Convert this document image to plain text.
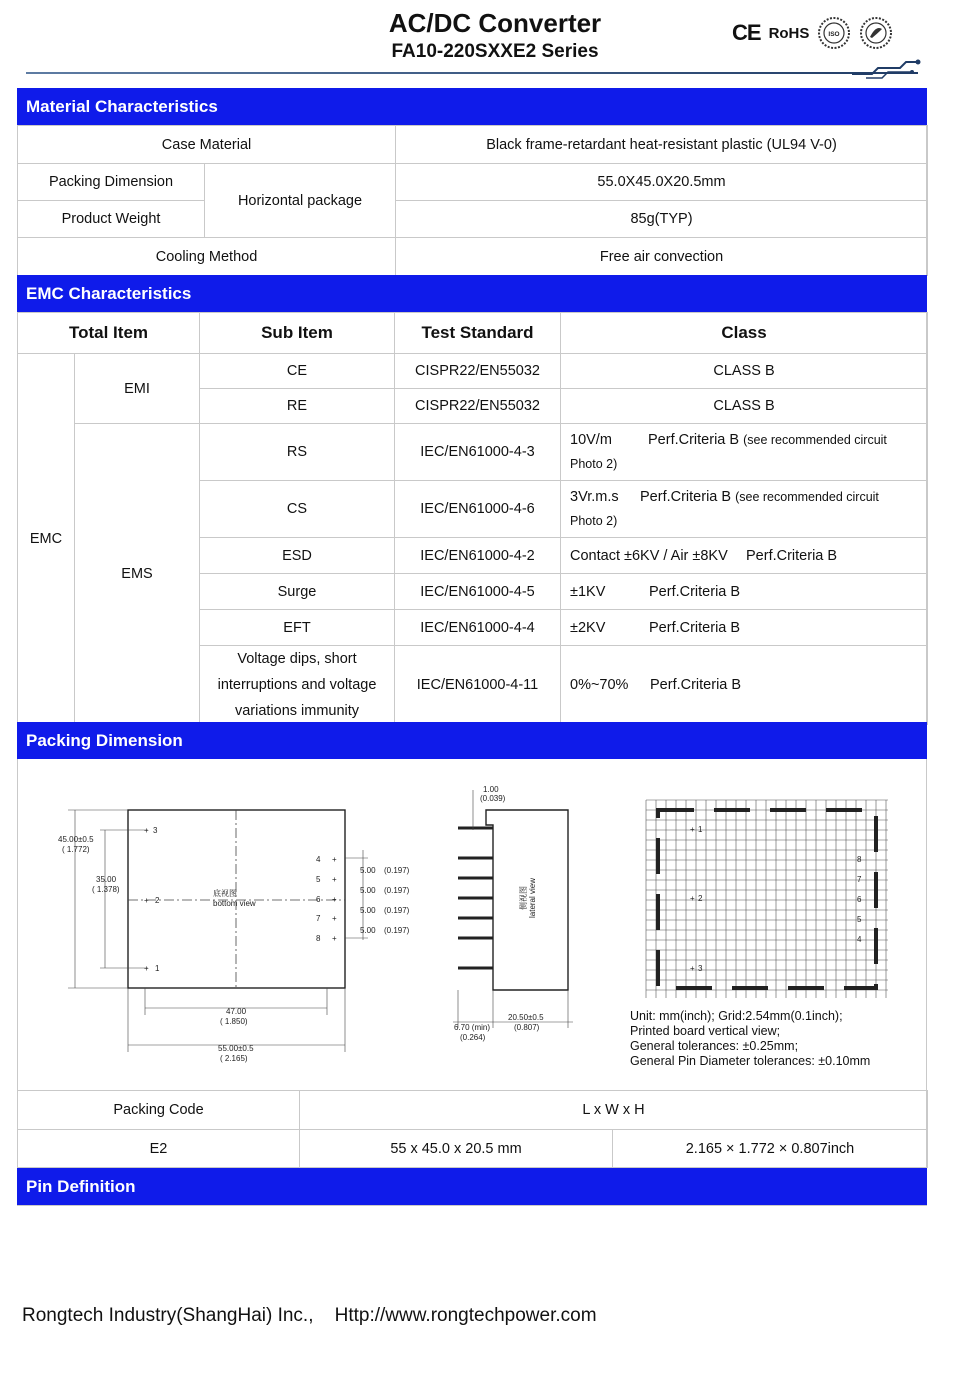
AC/DC Converter
FA10-220SXXE2 Series
CE RoHS	ISO
Material Characteristics
Case Material		Black frame-retardant heat-resistant plastic (UL94 V-0)
Packing Dimension	Horizontal package	55.0X45.0X20.5mm
Product Weight		85g(TYP)
Cooling Method		Free air convection
EMC Characteristics
Total Item		Sub Item	Test Standard	Class
EMC	EMI	CE	CISPR22/EN55032	CLASS B
		RE	CISPR22/EN55032	CLASS B
	EMS	RS	IEC/EN61000-4-3	10V/m Perf.Criteria B (see recommended circuit
Photo 2)
		CS	IEC/EN61000-4-6	3Vr.m.s Perf.Criteria B (see recommended circuit
Photo 2)
		ESD	IEC/EN61000-4-2	Contact ±6KV / Air ±8KV Perf.Criteria B
		Surge	IEC/EN61000-4-5	±1KV Perf.Criteria B
		EFT	IEC/EN61000-4-4	±2KV Perf.Criteria B
		Voltage dips, short interruptions and voltage variations immunity	IEC/EN61000-4-11	0%~70% Perf.Criteria B
Packing Dimension
+ 3
+ 2
+ 1
+
4
+
5
+
6
+
7
+
8
5.00 (0.197)
5.00 (0.197)
5.00 (0.197)
5.00 (0.197)
45.00±0.5
( 1.772)
35.00
( 1.378)	底视图
bottom view
47.00
( 1.850)
55.00±0.5
( 2.165)
1.00
(0.039)
侧视图 lateral view
6.70 (min)
(0.264)
20.50±0.5
(0.807)
8
7
6
5
4
+ 1
+ 2
+ 3
Unit: mm(inch); Grid:2.54mm(0.1inch);
Printed board vertical view;
General tolerances: ±0.25mm;
General Pin Diameter tolerances: ±0.10mm
Packing Code	L x W x H	
E2	55 x 45.0 x 20.5 mm	2.165 × 1.772 × 0.807inch
Pin Definition
Rongtech Industry(ShangHai) Inc., Http://www.rongtechpower.com
